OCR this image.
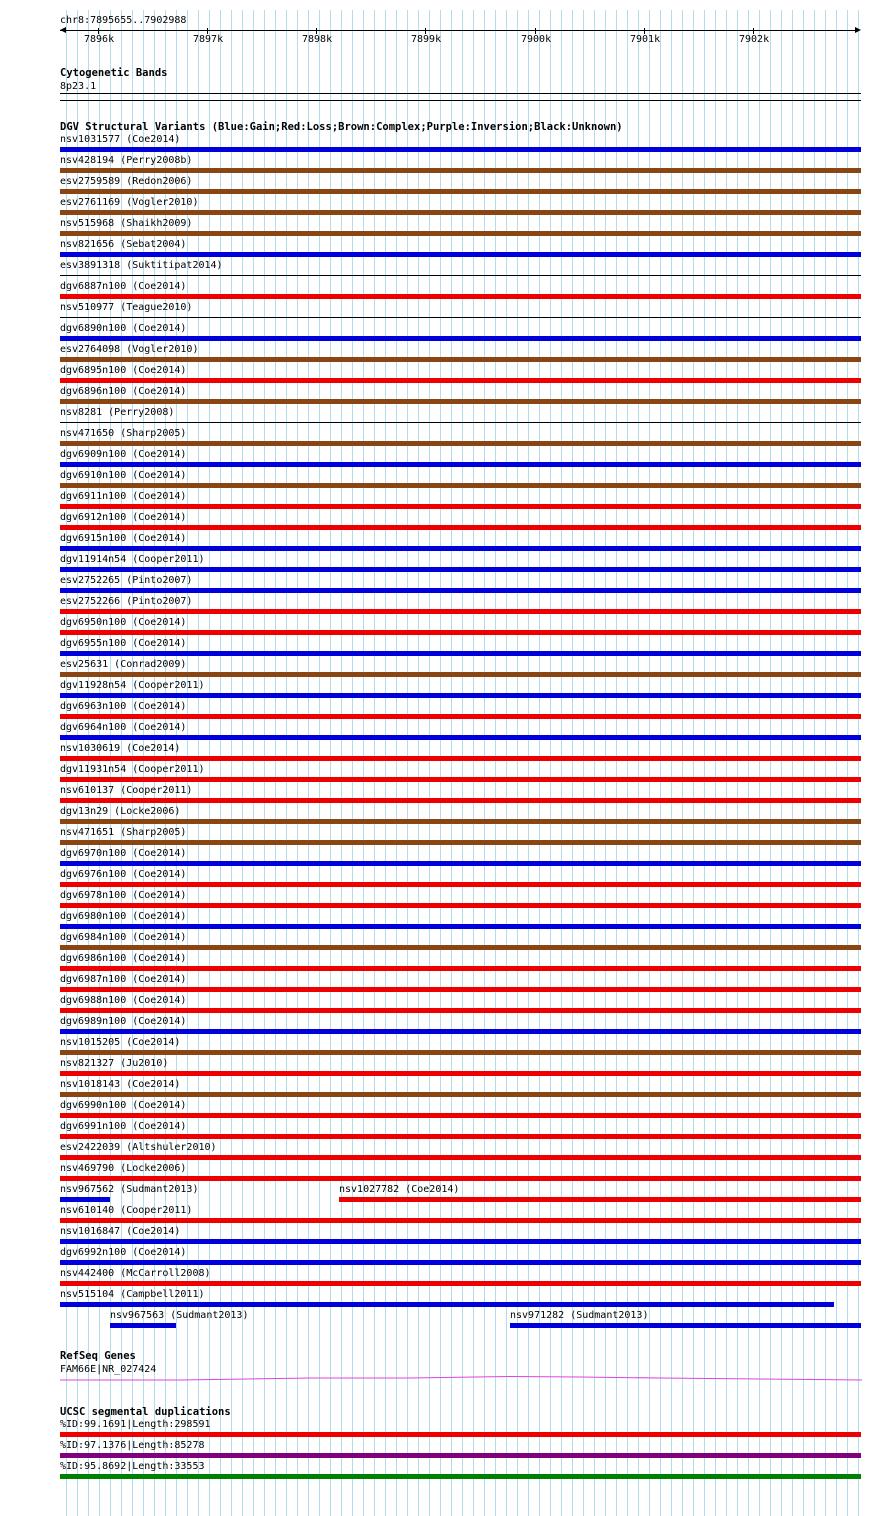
chr8:7895655..7902988
7896k	7897k	7898k	7899k	7900k	7901k	7902k
Cytogenetic Bands
8p23.1
DGV Structural Variants (Blue:Gain;Red:Loss;Brown:Complex;Purple:Inversion;Black:Unknown)
nsv1031577 (Coe2014)
nsv428194 (Perry2008b)
esv2759589 (Redon2006)
esv2761169 (Vogler2010)
nsv515968 (Shaikh2009)
nsv821656 (Sebat2004)
esv3891318 (Suktitipat2014)
dgv6887n100 (Coe2014)
nsv510977 (Teague2010)
dgv6890n100 (Coe2014)
esv2764098 (Vogler2010)
dgv6895n100 (Coe2014)
dgv6896n100 (Coe2014)
nsv8281 (Perry2008)
nsv471650 (Sharp2005)
dgv6909n100 (Coe2014)
dgv6910n100 (Coe2014)
dgv6911n100 (Coe2014)
dgv6912n100 (Coe2014)
dgv6915n100 (Coe2014)
dgv11914n54 (Cooper2011)
esv2752265 (Pinto2007)
esv2752266 (Pinto2007)
dgv6950n100 (Coe2014)
dgv6955n100 (Coe2014)
esv25631 (Conrad2009)
dgv11928n54 (Cooper2011)
dgv6963n100 (Coe2014)
dgv6964n100 (Coe2014)
nsv1030619 (Coe2014)
dgv11931n54 (Cooper2011)
nsv610137 (Cooper2011)
dgv13n29 (Locke2006)
nsv471651 (Sharp2005)
dgv6970n100 (Coe2014)
dgv6976n100 (Coe2014)
dgv6978n100 (Coe2014)
dgv6980n100 (Coe2014)
dgv6984n100 (Coe2014)
dgv6986n100 (Coe2014)
dgv6987n100 (Coe2014)
dgv6988n100 (Coe2014)
dgv6989n100 (Coe2014)
nsv1015205 (Coe2014)
nsv821327 (Ju2010)
nsv1018143 (Coe2014)
dgv6990n100 (Coe2014)
dgv6991n100 (Coe2014)
esv2422039 (Altshuler2010)
nsv469790 (Locke2006)
nsv967562 (Sudmant2013)	nsv1027782 (Coe2014)
nsv610140 (Cooper2011)
nsv1016847 (Coe2014)
dgv6992n100 (Coe2014)
nsv442400 (McCarroll2008)
nsv515104 (Campbell2011)
nsv967563 (Sudmant2013)	nsv971282 (Sudmant2013)
RefSeq Genes
FAM66E|NR_027424
UCSC segmental duplications
%ID:99.1691|Length:298591
%ID:97.1376|Length:85278
%ID:95.8692|Length:33553
